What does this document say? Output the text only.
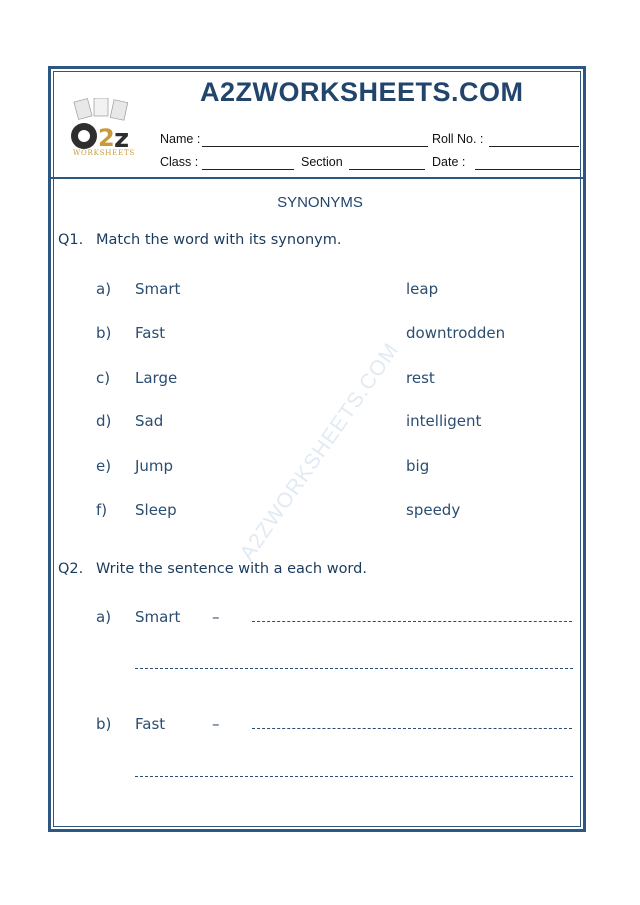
A2ZWORKSHEETS.COM
2 z
WORKSHEETS
Name :	Roll No. :
Class :	Section	Date :
SYNONYMS
A2ZWORKSHEETS.COM
Q1. Match the word with its synonym.
a) Smart	leap
b) Fast	downtrodden
c) Large	rest
d) Sad	intelligent
e) Jump	big
f) Sleep	speedy
Q2. Write the sentence with a each word.
a) Smart –
b) Fast	–
